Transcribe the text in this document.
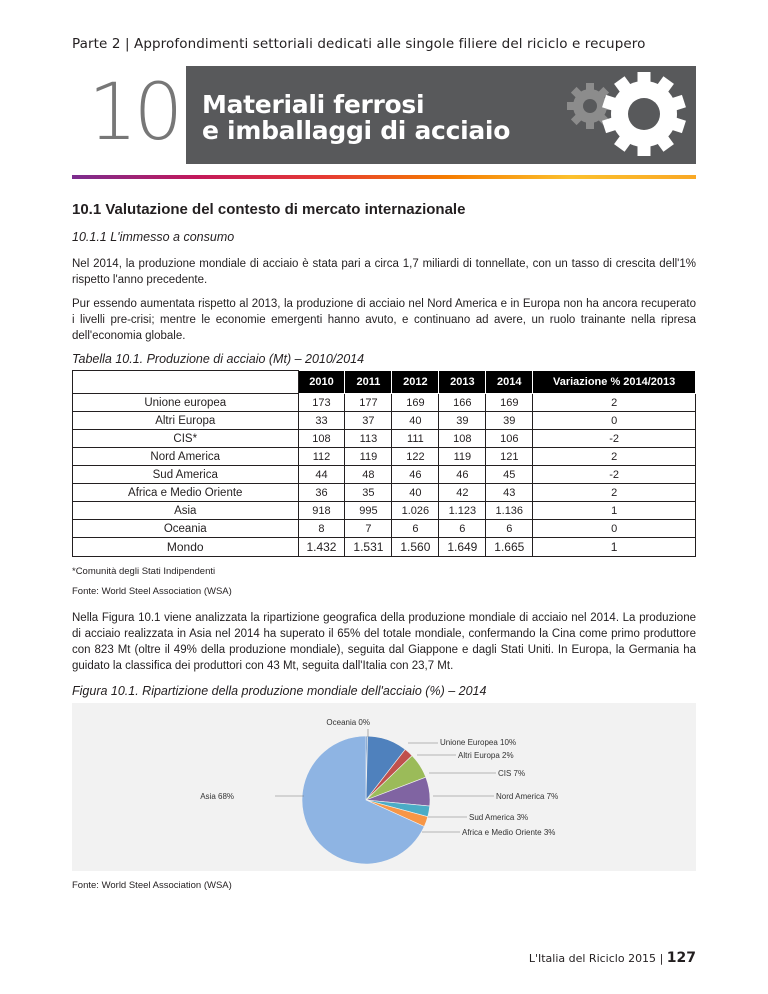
Parte 2 | Approfondimenti settoriali dedicati alle singole filiere del riciclo e recupero
10 Materiali ferrosi
e imballaggi di acciaio
10.1 Valutazione del contesto di mercato internazionale
10.1.1 L'immesso a consumo
Nel 2014, la produzione mondiale di acciaio è stata pari a circa 1,7 miliardi di tonnellate, con un tasso di crescita dell'1% rispetto l'anno precedente.
Pur essendo aumentata rispetto al 2013, la produzione di acciaio nel Nord America e in Europa non ha ancora recuperato i livelli pre-crisi; mentre le economie emergenti hanno avuto, e continuano ad avere, un ruolo trainante nella ripresa dell'economia globale.
Tabella 10.1. Produzione di acciaio (Mt) – 2010/2014
	2010	2011	2012	2013	2014	Variazione % 2014/2013
Unione europea	173	177	169	166	169	2
Altri Europa	33	37	40	39	39	0
CIS*	108	113	111	108	106	-2
Nord America	112	119	122	119	121	2
Sud America	44	48	46	46	45	-2
Africa e Medio Oriente	36	35	40	42	43	2
Asia	918	995	1.026	1.123	1.136	1
Oceania	8	7	6	6	6	0
Mondo	1.432	1.531	1.560	1.649	1.665	1
*Comunità degli Stati Indipendenti
Fonte: World Steel Association (WSA)
Nella Figura 10.1 viene analizzata la ripartizione geografica della produzione mondiale di acciaio nel 2014. La produzione di acciaio realizzata in Asia nel 2014 ha superato il 65% del totale mondiale, confermando la Cina come primo produttore con 823 Mt (oltre il 49% della produzione mondiale), seguita dal Giappone e dagli Stati Uniti. In Europa, la Germania ha guidato la classifica dei produttori con 43 Mt, seguita dall'Italia con 23,7 Mt.
Figura 10.1. Ripartizione della produzione mondiale dell'acciaio (%) – 2014
Oceania 0%
Unione Europea 10%
Altri Europa 2%
CIS 7%
Nord America 7%
Sud America 3%
Africa e Medio Oriente 3%
Asia 68%
Fonte: World Steel Association (WSA)
L'Italia del Riciclo 2015 | 127
